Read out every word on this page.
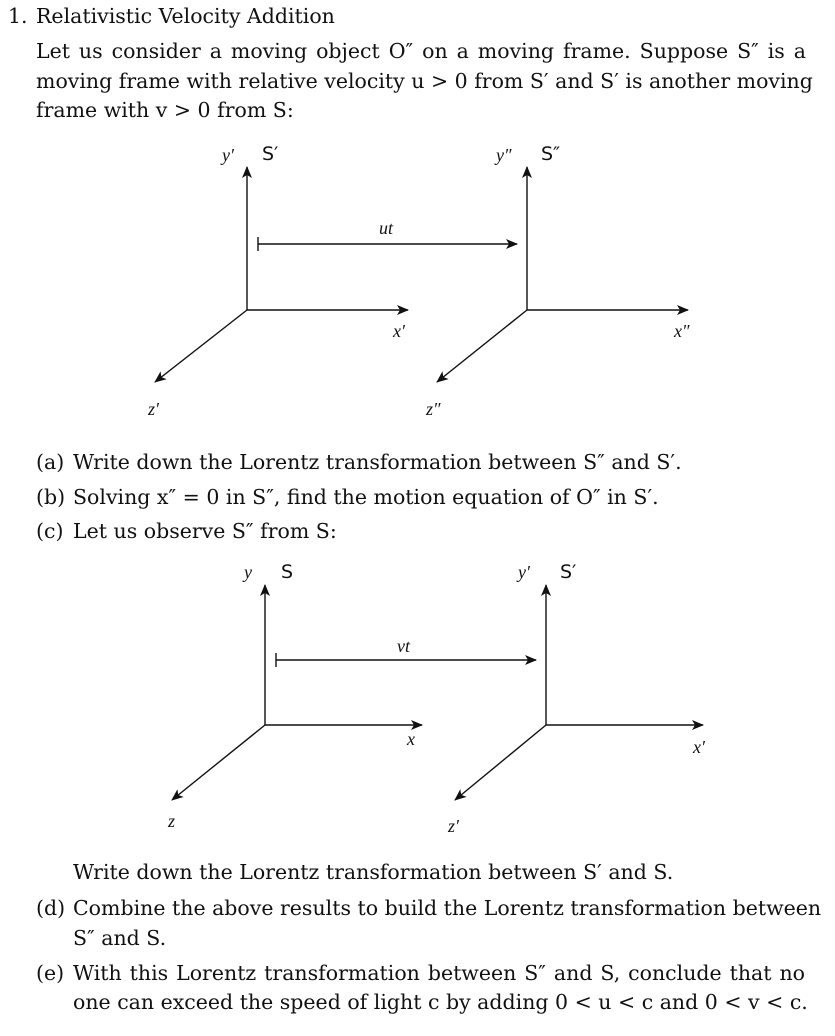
1. Relativistic Velocity Addition
Let us consider a moving object O″ on a moving frame. Suppose S″ is a
moving frame with relative velocity u > 0 from S′ and S′ is another moving
frame with v > 0 from S:
y′ S′
x′
z′
y″ S″
x″
z″
ut
(a) Write down the Lorentz transformation between S″ and S′.
(b) Solving x″ = 0 in S″, find the motion equation of O″ in S′.
(c) Let us observe S″ from S:
y S
x
z
y′ S′
x′
z′
vt
Write down the Lorentz transformation between S′ and S.
(d) Combine the above results to build the Lorentz transformation between
S″ and S.
(e) With this Lorentz transformation between S″ and S, conclude that no
one can exceed the speed of light c by adding 0 < u < c and 0 < v < c.
